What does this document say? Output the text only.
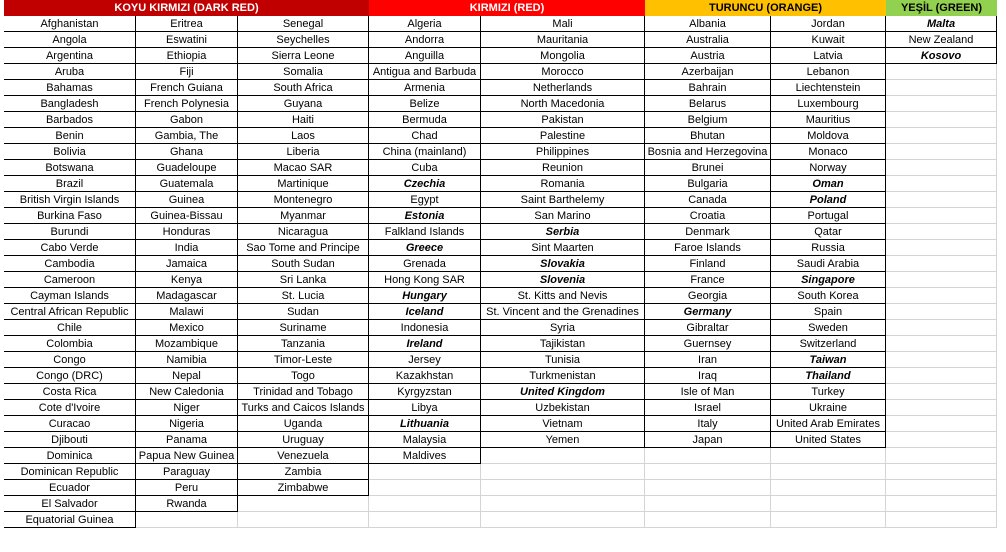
KOYU KIRMIZI (DARK RED)
Afghanistan
Angola
Argentina
Aruba
Bahamas
Bangladesh
Barbados
Benin
Bolivia
Botswana
Brazil
British Virgin Islands
Burkina Faso
Burundi
Cabo Verde
Cambodia
Cameroon
Cayman Islands
Central African Republic
Chile
Colombia
Congo
Congo (DRC)
Costa Rica
Cote d'Ivoire
Curacao
Djibouti
Dominica
Dominican Republic
Ecuador
El Salvador
Equatorial Guinea
Eritrea
Eswatini
Ethiopia
Fiji
French Guiana
French Polynesia
Gabon
Gambia, The
Ghana
Guadeloupe
Guatemala
Guinea
Guinea-Bissau
Honduras
India
Jamaica
Kenya
Madagascar
Malawi
Mexico
Mozambique
Namibia
Nepal
New Caledonia
Niger
Nigeria
Panama
Papua New Guinea
Paraguay
Peru
Rwanda
Senegal
Seychelles
Sierra Leone
Somalia
South Africa
Guyana
Haiti
Laos
Liberia
Macao SAR
Martinique
Montenegro
Myanmar
Nicaragua
Sao Tome and Principe
South Sudan
Sri Lanka
St. Lucia
Sudan
Suriname
Tanzania
Timor-Leste
Togo
Trinidad and Tobago
Turks and Caicos Islands
Uganda
Uruguay
Venezuela
Zambia
Zimbabwe
KIRMIZI (RED)
Algeria
Andorra
Anguilla
Antigua and Barbuda
Armenia
Belize
Bermuda
Chad
China (mainland)
Cuba
Czechia
Egypt
Estonia
Falkland Islands
Greece
Grenada
Hong Kong SAR
Hungary
Iceland
Indonesia
Ireland
Jersey
Kazakhstan
Kyrgyzstan
Libya
Lithuania
Malaysia
Maldives
Mali
Mauritania
Mongolia
Morocco
Netherlands
North Macedonia
Pakistan
Palestine
Philippines
Reunion
Romania
Saint Barthelemy
San Marino
Serbia
Sint Maarten
Slovakia
Slovenia
St. Kitts and Nevis
St. Vincent and the Grenadines
Syria
Tajikistan
Tunisia
Turkmenistan
United Kingdom
Uzbekistan
Vietnam
Yemen
TURUNCU (ORANGE)
Albania
Australia
Austria
Azerbaijan
Bahrain
Belarus
Belgium
Bhutan
Bosnia and Herzegovina
Brunei
Bulgaria
Canada
Croatia
Denmark
Faroe Islands
Finland
France
Georgia
Germany
Gibraltar
Guernsey
Iran
Iraq
Isle of Man
Israel
Italy
Japan
Jordan
Kuwait
Latvia
Lebanon
Liechtenstein
Luxembourg
Mauritius
Moldova
Monaco
Norway
Oman
Poland
Portugal
Qatar
Russia
Saudi Arabia
Singapore
South Korea
Spain
Sweden
Switzerland
Taiwan
Thailand
Turkey
Ukraine
United Arab Emirates
United States
YEŞİL (GREEN)
Malta
New Zealand
Kosovo
